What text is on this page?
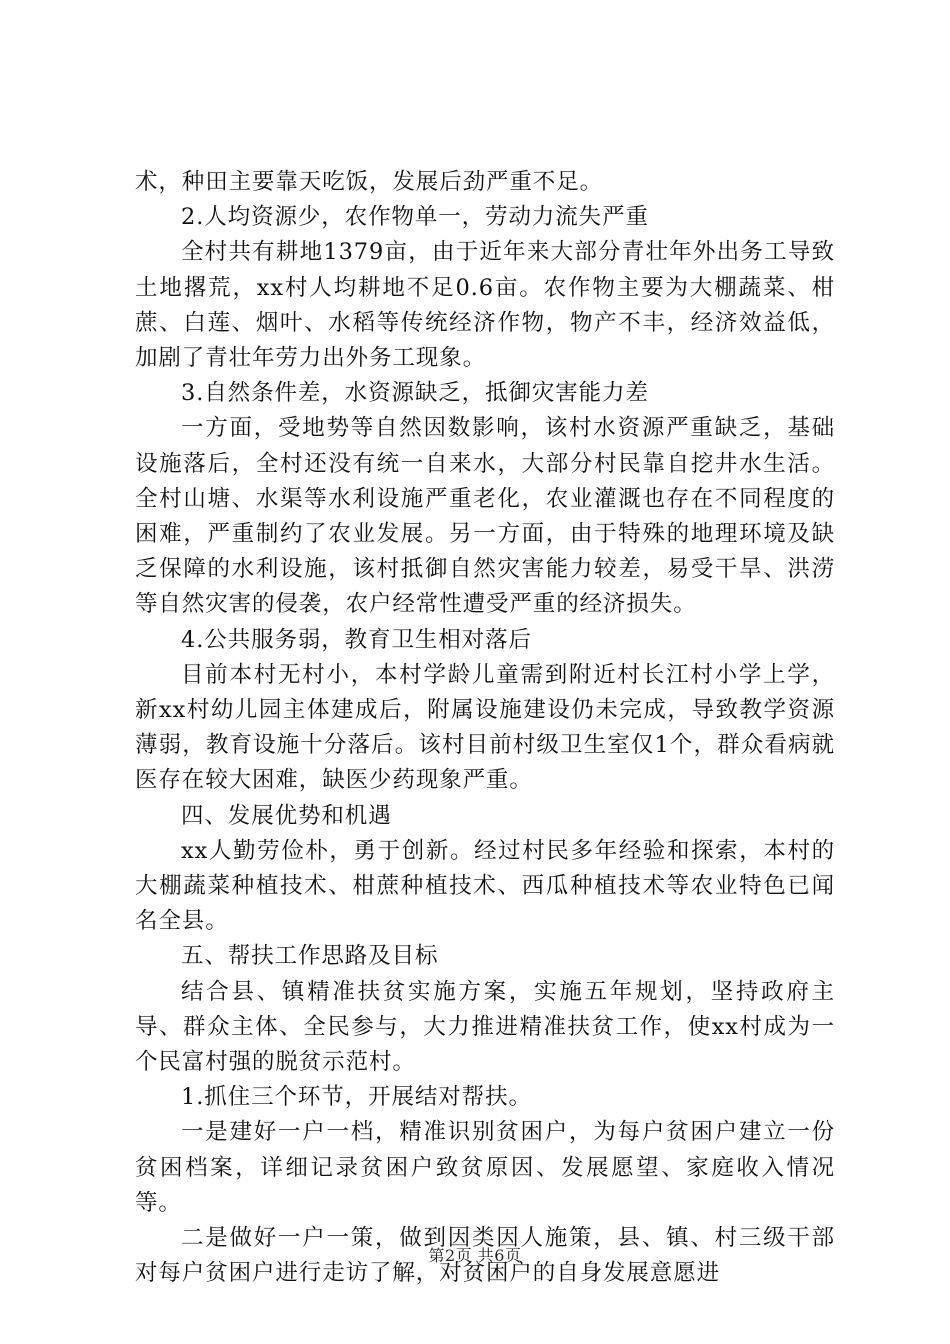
术，种田主要靠天吃饭，发展后劲严重不足。

2.人均资源少，农作物单一，劳动力流失严重

全村共有耕地1379亩，由于近年来大部分青壮年外出务工导致土地撂荒，xx村人均耕地不足0.6亩。农作物主要为大棚蔬菜、柑蔗、白莲、烟叶、水稻等传统经济作物，物产不丰，经济效益低，加剧了青壮年劳力出外务工现象。

3.自然条件差，水资源缺乏，抵御灾害能力差

一方面，受地势等自然因数影响，该村水资源严重缺乏，基础设施落后，全村还没有统一自来水，大部分村民靠自挖井水生活。全村山塘、水渠等水利设施严重老化，农业灌溉也存在不同程度的困难，严重制约了农业发展。另一方面，由于特殊的地理环境及缺乏保障的水利设施，该村抵御自然灾害能力较差，易受干旱、洪涝等自然灾害的侵袭，农户经常性遭受严重的经济损失。

4.公共服务弱，教育卫生相对落后

目前本村无村小，本村学龄儿童需到附近村长江村小学上学，新xx村幼儿园主体建成后，附属设施建设仍未完成，导致教学资源薄弱，教育设施十分落后。该村目前村级卫生室仅1个，群众看病就医存在较大困难，缺医少药现象严重。

四、发展优势和机遇

xx人勤劳俭朴，勇于创新。经过村民多年经验和探索，本村的大棚蔬菜种植技术、柑蔗种植技术、西瓜种植技术等农业特色已闻名全县。

五、帮扶工作思路及目标

结合县、镇精准扶贫实施方案，实施五年规划，坚持政府主导、群众主体、全民参与，大力推进精准扶贫工作，使xx村成为一个民富村强的脱贫示范村。

1.抓住三个环节，开展结对帮扶。

一是建好一户一档，精准识别贫困户，为每户贫困户建立一份贫困档案，详细记录贫困户致贫原因、发展愿望、家庭收入情况等。

二是做好一户一策，做到因类因人施策，县、镇、村三级干部对每户贫困户进行走访了解，对贫困户的自身发展意愿进

第2页 共6页
